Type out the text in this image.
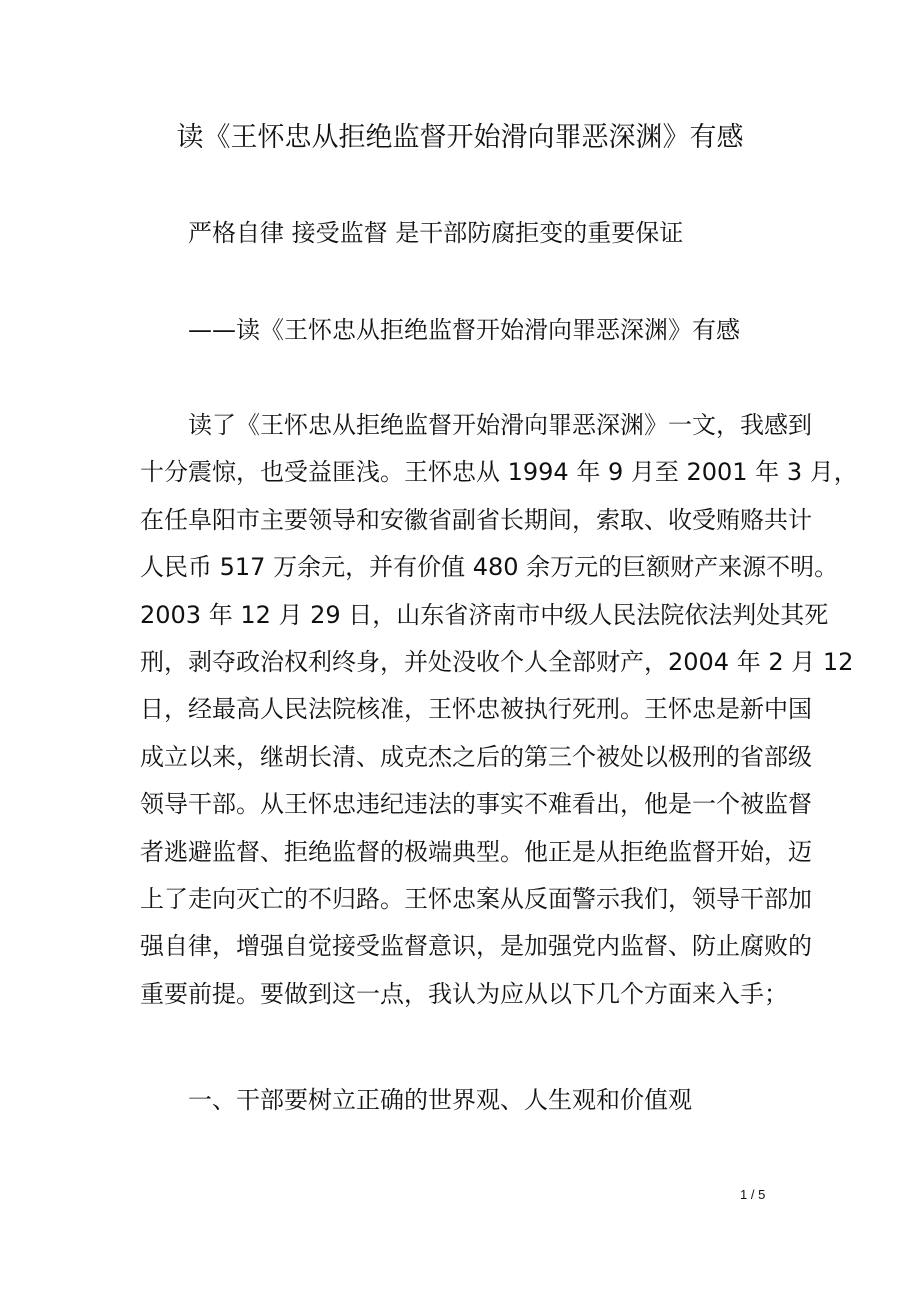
读《王怀忠从拒绝监督开始滑向罪恶深渊》有感
严格自律 接受监督 是干部防腐拒变的重要保证
——读《王怀忠从拒绝监督开始滑向罪恶深渊》有感
读了《王怀忠从拒绝监督开始滑向罪恶深渊》一文，我感到
十分震惊，也受益匪浅。王怀忠从 1994 年 9 月至 2001 年 3 月，
在任阜阳市主要领导和安徽省副省长期间，索取、收受贿赂共计
人民币 517 万余元，并有价值 480 余万元的巨额财产来源不明。
2003 年 12 月 29 日，山东省济南市中级人民法院依法判处其死
刑，剥夺政治权利终身，并处没收个人全部财产，2004 年 2 月 12
日，经最高人民法院核准，王怀忠被执行死刑。王怀忠是新中国
成立以来，继胡长清、成克杰之后的第三个被处以极刑的省部级
领导干部。从王怀忠违纪违法的事实不难看出，他是一个被监督
者逃避监督、拒绝监督的极端典型。他正是从拒绝监督开始，迈
上了走向灭亡的不归路。王怀忠案从反面警示我们，领导干部加
强自律，增强自觉接受监督意识，是加强党内监督、防止腐败的
重要前提。要做到这一点，我认为应从以下几个方面来入手；
一、干部要树立正确的世界观、人生观和价值观
1 / 5
